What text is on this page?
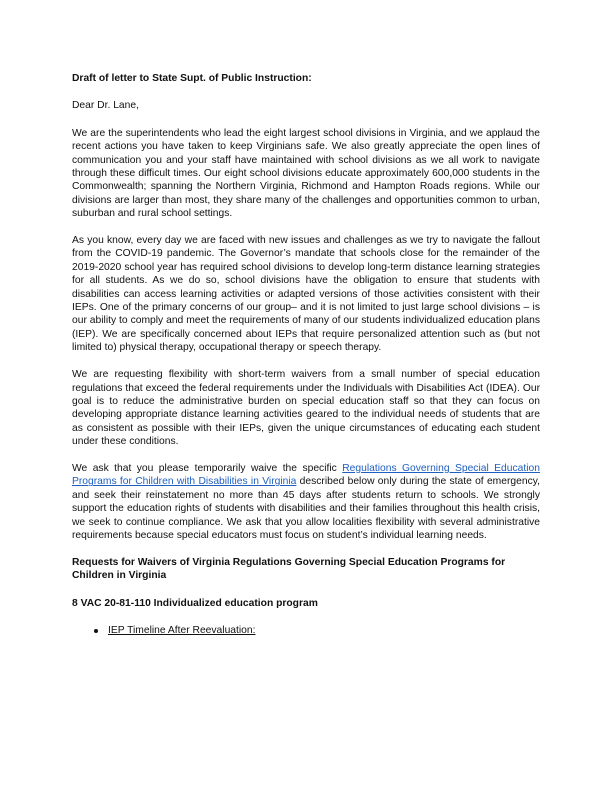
Draft of letter to State Supt. of Public Instruction:
Dear Dr. Lane,

We are the superintendents who lead the eight largest school divisions in Virginia, and we applaud the recent actions you have taken to keep Virginians safe. We also greatly appreciate the open lines of communication you and your staff have maintained with school divisions as we all work to navigate through these difficult times. Our eight school divisions educate approximately 600,000 students in the Commonwealth; spanning the Northern Virginia, Richmond and Hampton Roads regions. While our divisions are larger than most, they share many of the challenges and opportunities common to urban, suburban and rural school settings.

As you know, every day we are faced with new issues and challenges as we try to navigate the fallout from the COVID-19 pandemic. The Governor’s mandate that schools close for the remainder of the 2019-2020 school year has required school divisions to develop long-term distance learning strategies for all students. As we do so, school divisions have the obligation to ensure that students with disabilities can access learning activities or adapted versions of those activities consistent with their IEPs. One of the primary concerns of our group– and it is not limited to just large school divisions – is our ability to comply and meet the requirements of many of our students individualized education plans (IEP). We are specifically concerned about IEPs that require personalized attention such as (but not limited to) physical therapy, occupational therapy or speech therapy.

We are requesting flexibility with short-term waivers from a small number of special education regulations that exceed the federal requirements under the Individuals with Disabilities Act (IDEA). Our goal is to reduce the administrative burden on special education staff so that they can focus on developing appropriate distance learning activities geared to the individual needs of students that are as consistent as possible with their IEPs, given the unique circumstances of educating each student under these conditions.

We ask that you please temporarily waive the specific Regulations Governing Special Education Programs for Children with Disabilities in Virginia described below only during the state of emergency, and seek their reinstatement no more than 45 days after students return to schools. We strongly support the education rights of students with disabilities and their families throughout this health crisis, we seek to continue compliance. We ask that you allow localities flexibility with several administrative requirements because special educators must focus on student’s individual learning needs.

Requests for Waivers of Virginia Regulations Governing Special Education Programs for Children in Virginia
8 VAC 20-81-110 Individualized education program
IEP Timeline After Reevaluation:
